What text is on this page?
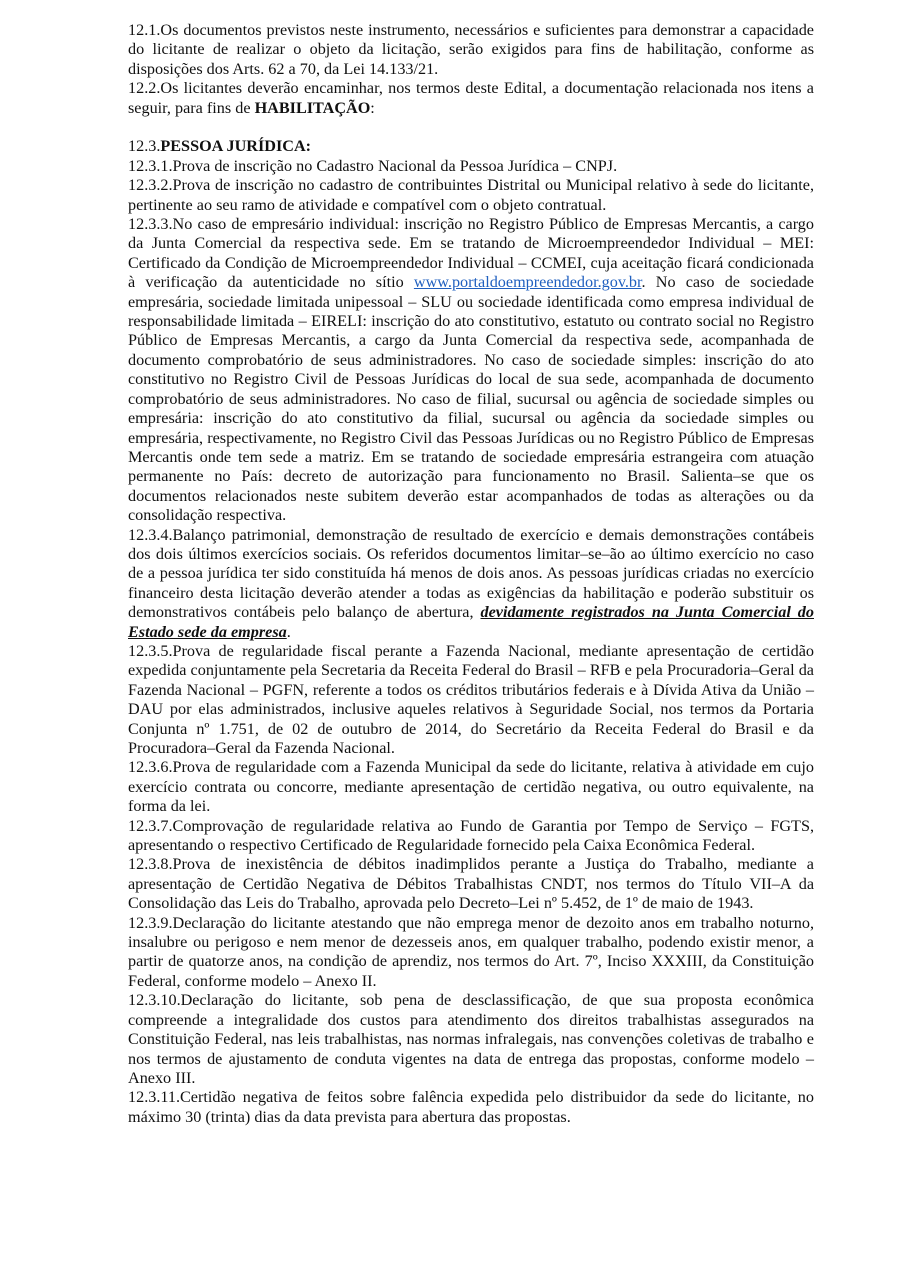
12.1.Os documentos previstos neste instrumento, necessários e suficientes para demonstrar a capacidade do licitante de realizar o objeto da licitação, serão exigidos para fins de habilitação, conforme as disposições dos Arts. 62 a 70, da Lei 14.133/21.

12.2.Os licitantes deverão encaminhar, nos termos deste Edital, a documentação relacionada nos itens a seguir, para fins de HABILITAÇÃO:

12.3.PESSOA JURÍDICA:

12.3.1.Prova de inscrição no Cadastro Nacional da Pessoa Jurídica – CNPJ.

12.3.2.Prova de inscrição no cadastro de contribuintes Distrital ou Municipal relativo à sede do licitante, pertinente ao seu ramo de atividade e compatível com o objeto contratual.

12.3.3.No caso de empresário individual: inscrição no Registro Público de Empresas Mercantis, a cargo da Junta Comercial da respectiva sede. Em se tratando de Microempreendedor Individual – MEI: Certificado da Condição de Microempreendedor Individual – CCMEI, cuja aceitação ficará condicionada à verificação da autenticidade no sítio www.portaldoempreendedor.gov.br. No caso de sociedade empresária, sociedade limitada unipessoal – SLU ou sociedade identificada como empresa individual de responsabilidade limitada – EIRELI: inscrição do ato constitutivo, estatuto ou contrato social no Registro Público de Empresas Mercantis, a cargo da Junta Comercial da respectiva sede, acompanhada de documento comprobatório de seus administradores. No caso de sociedade simples: inscrição do ato constitutivo no Registro Civil de Pessoas Jurídicas do local de sua sede, acompanhada de documento comprobatório de seus administradores. No caso de filial, sucursal ou agência de sociedade simples ou empresária: inscrição do ato constitutivo da filial, sucursal ou agência da sociedade simples ou empresária, respectivamente, no Registro Civil das Pessoas Jurídicas ou no Registro Público de Empresas Mercantis onde tem sede a matriz. Em se tratando de sociedade empresária estrangeira com atuação permanente no País: decreto de autorização para funcionamento no Brasil. Salienta–se que os documentos relacionados neste subitem deverão estar acompanhados de todas as alterações ou da consolidação respectiva.

12.3.4.Balanço patrimonial, demonstração de resultado de exercício e demais demonstrações contábeis dos dois últimos exercícios sociais. Os referidos documentos limitar–se–ão ao último exercício no caso de a pessoa jurídica ter sido constituída há menos de dois anos. As pessoas jurídicas criadas no exercício financeiro desta licitação deverão atender a todas as exigências da habilitação e poderão substituir os demonstrativos contábeis pelo balanço de abertura, devidamente registrados na Junta Comercial do Estado sede da empresa.

12.3.5.Prova de regularidade fiscal perante a Fazenda Nacional, mediante apresentação de certidão expedida conjuntamente pela Secretaria da Receita Federal do Brasil – RFB e pela Procuradoria–Geral da Fazenda Nacional – PGFN, referente a todos os créditos tributários federais e à Dívida Ativa da União – DAU por elas administrados, inclusive aqueles relativos à Seguridade Social, nos termos da Portaria Conjunta nº 1.751, de 02 de outubro de 2014, do Secretário da Receita Federal do Brasil e da Procuradora–Geral da Fazenda Nacional.

12.3.6.Prova de regularidade com a Fazenda Municipal da sede do licitante, relativa à atividade em cujo exercício contrata ou concorre, mediante apresentação de certidão negativa, ou outro equivalente, na forma da lei.

12.3.7.Comprovação de regularidade relativa ao Fundo de Garantia por Tempo de Serviço – FGTS, apresentando o respectivo Certificado de Regularidade fornecido pela Caixa Econômica Federal.

12.3.8.Prova de inexistência de débitos inadimplidos perante a Justiça do Trabalho, mediante a apresentação de Certidão Negativa de Débitos Trabalhistas CNDT, nos termos do Título VII–A da Consolidação das Leis do Trabalho, aprovada pelo Decreto–Lei nº 5.452, de 1º de maio de 1943.

12.3.9.Declaração do licitante atestando que não emprega menor de dezoito anos em trabalho noturno, insalubre ou perigoso e nem menor de dezesseis anos, em qualquer trabalho, podendo existir menor, a partir de quatorze anos, na condição de aprendiz, nos termos do Art. 7º, Inciso XXXIII, da Constituição Federal, conforme modelo – Anexo II.

12.3.10.Declaração do licitante, sob pena de desclassificação, de que sua proposta econômica compreende a integralidade dos custos para atendimento dos direitos trabalhistas assegurados na Constituição Federal, nas leis trabalhistas, nas normas infralegais, nas convenções coletivas de trabalho e nos termos de ajustamento de conduta vigentes na data de entrega das propostas, conforme modelo – Anexo III.

12.3.11.Certidão negativa de feitos sobre falência expedida pelo distribuidor da sede do licitante, no máximo 30 (trinta) dias da data prevista para abertura das propostas.
